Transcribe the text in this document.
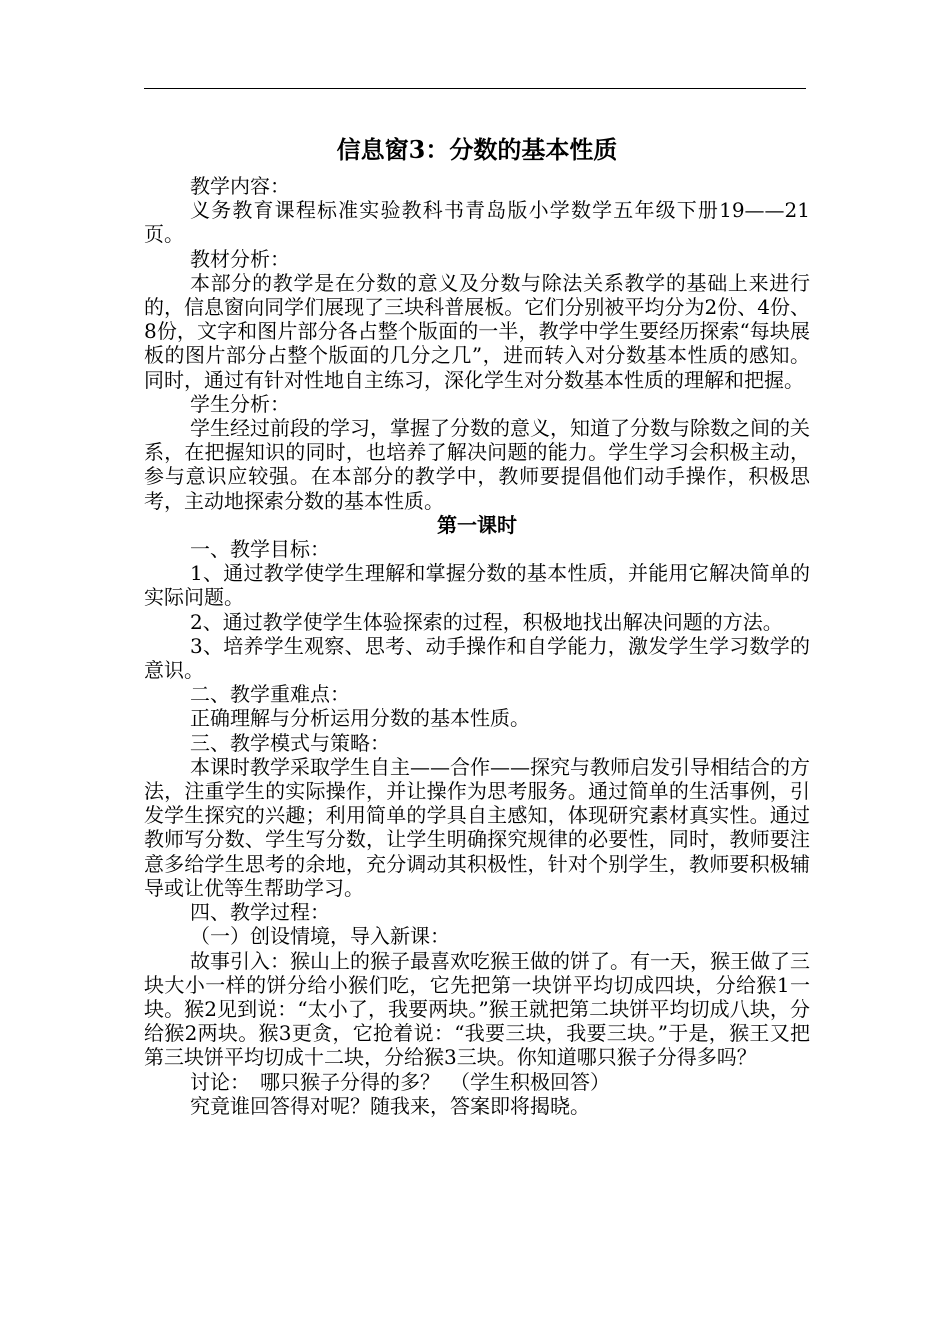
信息窗3：分数的基本性质

教学内容：

义务教育课程标准实验教科书青岛版小学数学五年级下册19——21页。

教材分析：

本部分的教学是在分数的意义及分数与除法关系教学的基础上来进行的，信息窗向同学们展现了三块科普展板。它们分别被平均分为2份、4份、8份，文字和图片部分各占整个版面的一半，教学中学生要经历探索“每块展板的图片部分占整个版面的几分之几”，进而转入对分数基本性质的感知。同时，通过有针对性地自主练习，深化学生对分数基本性质的理解和把握。

学生分析：

学生经过前段的学习，掌握了分数的意义，知道了分数与除数之间的关系，在把握知识的同时，也培养了解决问题的能力。学生学习会积极主动，参与意识应较强。在本部分的教学中，教师要提倡他们动手操作，积极思考，主动地探索分数的基本性质。

第一课时

一、教学目标：

1、通过教学使学生理解和掌握分数的基本性质，并能用它解决简单的实际问题。

2、通过教学使学生体验探索的过程，积极地找出解决问题的方法。

3、培养学生观察、思考、动手操作和自学能力，激发学生学习数学的意识。

二、教学重难点：

正确理解与分析运用分数的基本性质。

三、教学模式与策略：

本课时教学采取学生自主——合作——探究与教师启发引导相结合的方法，注重学生的实际操作，并让操作为思考服务。通过简单的生活事例，引发学生探究的兴趣；利用简单的学具自主感知，体现研究素材真实性。通过教师写分数、学生写分数，让学生明确探究规律的必要性，同时，教师要注意多给学生思考的余地，充分调动其积极性，针对个别学生，教师要积极辅导或让优等生帮助学习。

四、教学过程：

（一）创设情境，导入新课：

故事引入：猴山上的猴子最喜欢吃猴王做的饼了。有一天，猴王做了三块大小一样的饼分给小猴们吃，它先把第一块饼平均切成四块，分给猴1一块。猴2见到说：“太小了，我要两块。”猴王就把第二块饼平均切成八块，分给猴2两块。猴3更贪，它抢着说：“我要三块，我要三块。”于是，猴王又把第三块饼平均切成十二块，分给猴3三块。你知道哪只猴子分得多吗？

讨论：　哪只猴子分得的多？　（学生积极回答）

究竟谁回答得对呢？随我来，答案即将揭晓。
